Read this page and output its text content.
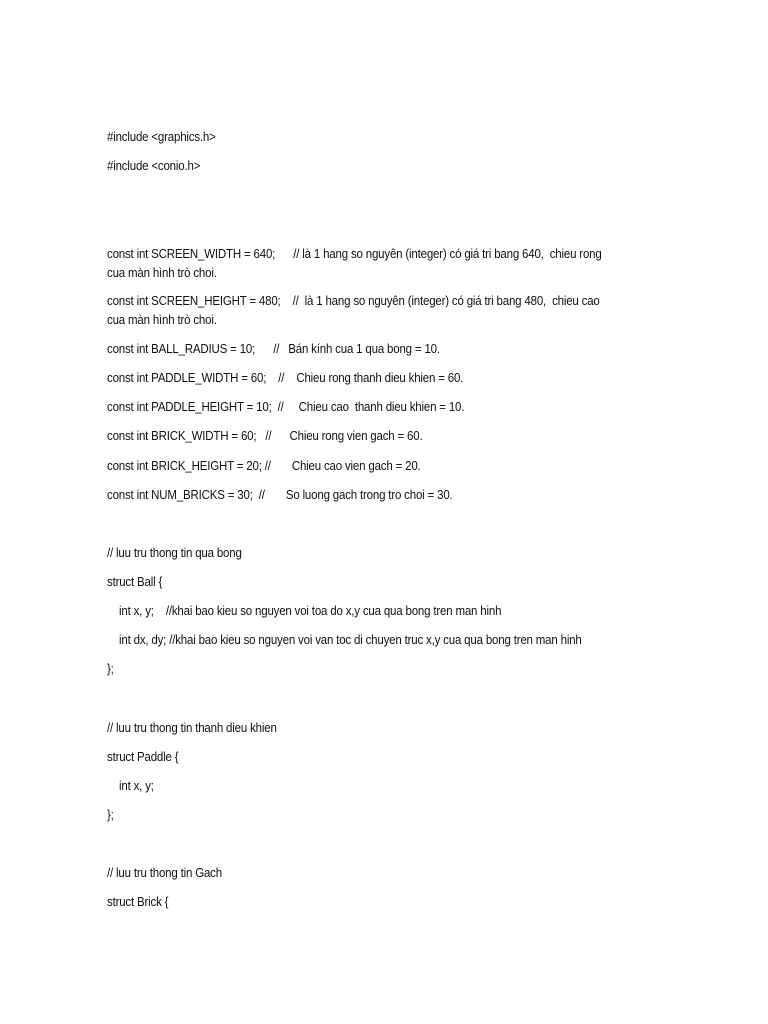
#include <graphics.h>
#include <conio.h>
const int SCREEN_WIDTH = 640;      // là 1 hang so nguyên (integer) có giá tri bang 640,  chieu rong
cua màn hình trò choi.
const int SCREEN_HEIGHT = 480;    //  là 1 hang so nguyên (integer) có giá tri bang 480,  chieu cao
cua màn hình trò choi.
const int BALL_RADIUS = 10;      //   Bán kính cua 1 qua bong = 10.
const int PADDLE_WIDTH = 60;    //    Chieu rong thanh dieu khien = 60.
const int PADDLE_HEIGHT = 10;  //     Chieu cao  thanh dieu khien = 10.
const int BRICK_WIDTH = 60;   //      Chieu rong vien gach = 60.
const int BRICK_HEIGHT = 20; //       Chieu cao vien gach = 20.
const int NUM_BRICKS = 30;  //       So luong gach trong tro choi = 30.
// luu tru thong tin qua bong
struct Ball {
int x, y;    //khai bao kieu so nguyen voi toa do x,y cua qua bong tren man hinh
int dx, dy; //khai bao kieu so nguyen voi van toc di chuyen truc x,y cua qua bong tren man hinh
};
// luu tru thong tin thanh dieu khien
struct Paddle {
int x, y;
};
// luu tru thong tin Gach
struct Brick {
